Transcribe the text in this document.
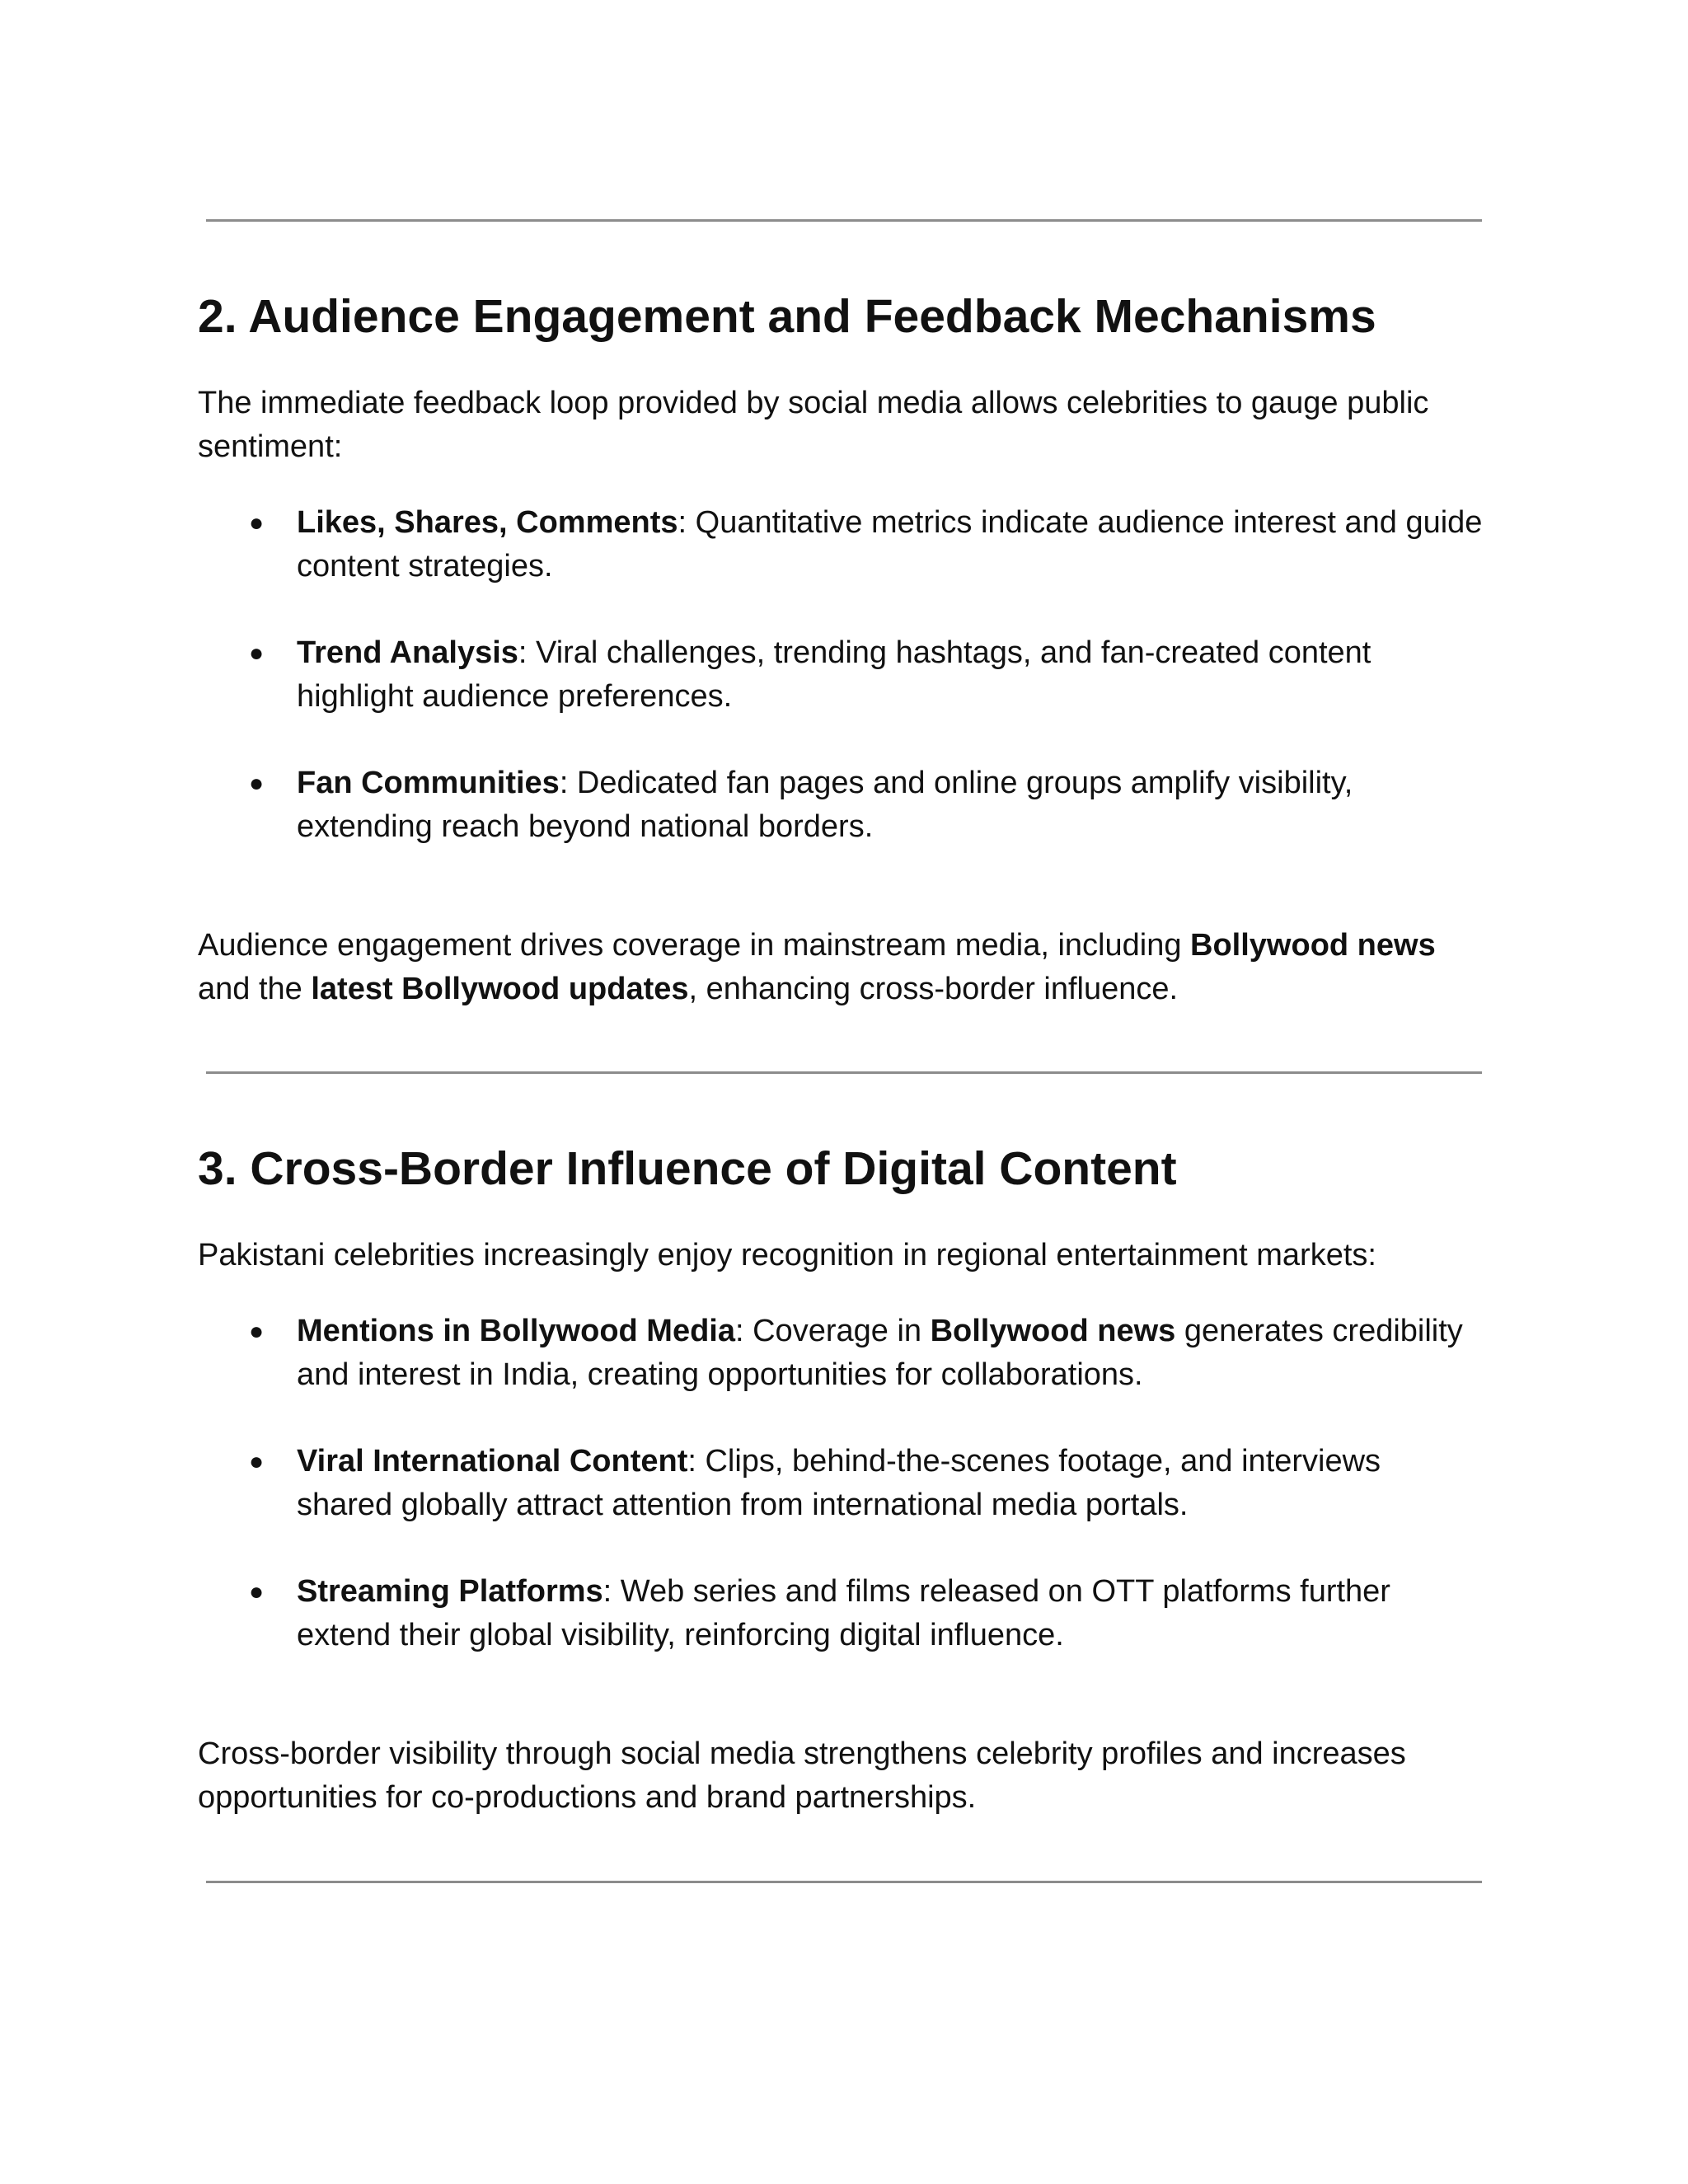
2. Audience Engagement and Feedback Mechanisms

The immediate feedback loop provided by social media allows celebrities to gauge public sentiment:

● Likes, Shares, Comments: Quantitative metrics indicate audience interest and guide content strategies.
● Trend Analysis: Viral challenges, trending hashtags, and fan-created content highlight audience preferences.
● Fan Communities: Dedicated fan pages and online groups amplify visibility, extending reach beyond national borders.

Audience engagement drives coverage in mainstream media, including Bollywood news and the latest Bollywood updates, enhancing cross-border influence.

3. Cross-Border Influence of Digital Content

Pakistani celebrities increasingly enjoy recognition in regional entertainment markets:

● Mentions in Bollywood Media: Coverage in Bollywood news generates credibility and interest in India, creating opportunities for collaborations.
● Viral International Content: Clips, behind-the-scenes footage, and interviews shared globally attract attention from international media portals.
● Streaming Platforms: Web series and films released on OTT platforms further extend their global visibility, reinforcing digital influence.

Cross-border visibility through social media strengthens celebrity profiles and increases opportunities for co-productions and brand partnerships.
